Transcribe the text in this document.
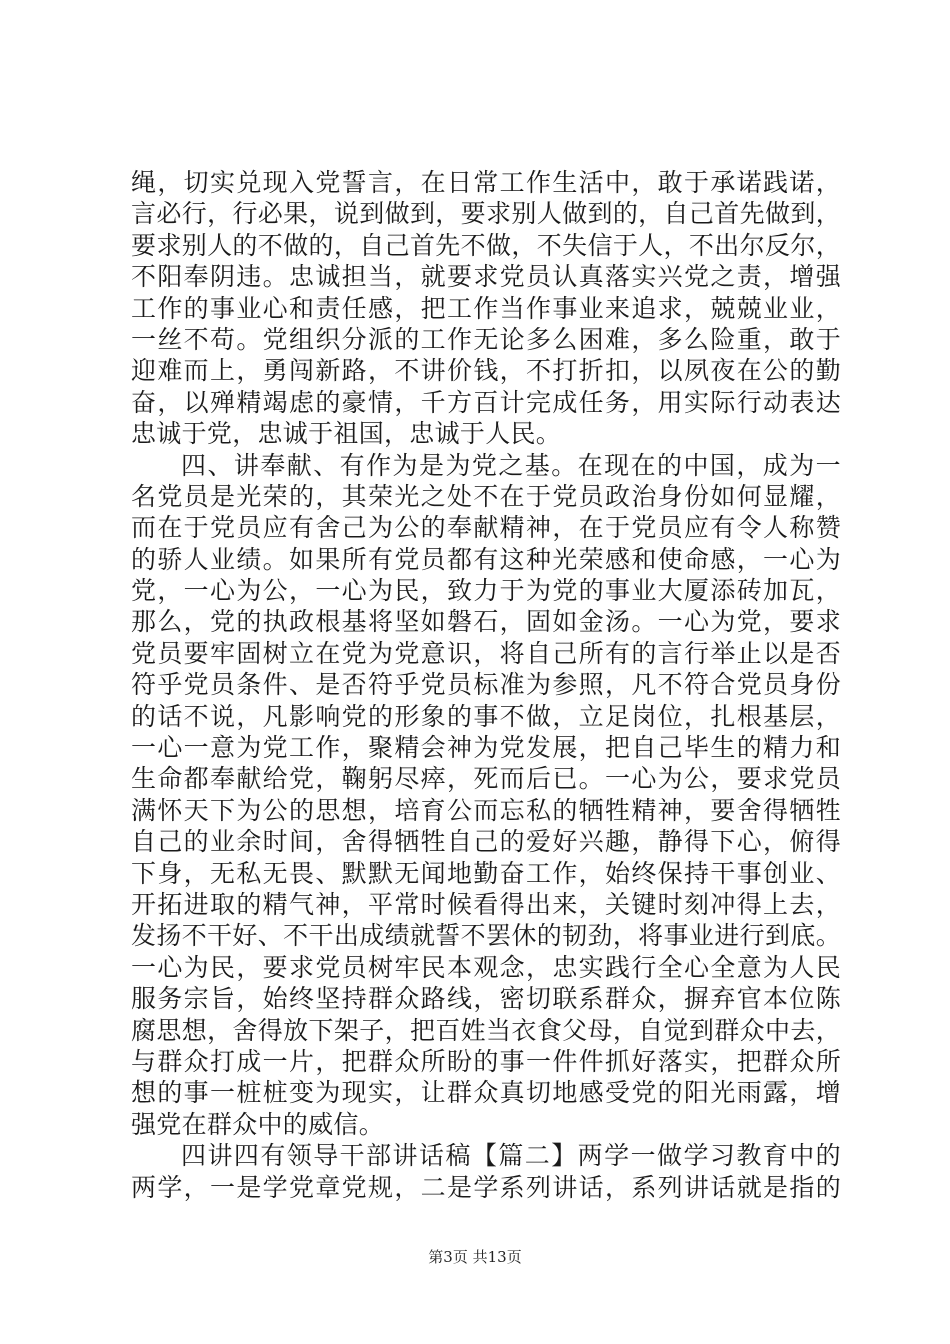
绳，切实兑现入党誓言，在日常工作生活中，敢于承诺践诺，
言必行，行必果，说到做到，要求别人做到的，自己首先做到，
要求别人的不做的，自己首先不做，不失信于人，不出尔反尔，
不阳奉阴违。忠诚担当，就要求党员认真落实兴党之责，增强
工作的事业心和责任感，把工作当作事业来追求，兢兢业业，
一丝不苟。党组织分派的工作无论多么困难，多么险重，敢于
迎难而上，勇闯新路，不讲价钱，不打折扣，以夙夜在公的勤
奋，以殚精竭虑的豪情，千方百计完成任务，用实际行动表达
忠诚于党，忠诚于祖国，忠诚于人民。
四、讲奉献、有作为是为党之基。在现在的中国，成为一
名党员是光荣的，其荣光之处不在于党员政治身份如何显耀，
而在于党员应有舍己为公的奉献精神，在于党员应有令人称赞
的骄人业绩。如果所有党员都有这种光荣感和使命感，一心为
党，一心为公，一心为民，致力于为党的事业大厦添砖加瓦，
那么，党的执政根基将坚如磐石，固如金汤。一心为党，要求
党员要牢固树立在党为党意识，将自己所有的言行举止以是否
符乎党员条件、是否符乎党员标准为参照，凡不符合党员身份
的话不说，凡影响党的形象的事不做，立足岗位，扎根基层，
一心一意为党工作，聚精会神为党发展，把自己毕生的精力和
生命都奉献给党，鞠躬尽瘁，死而后已。一心为公，要求党员
满怀天下为公的思想，培育公而忘私的牺牲精神，要舍得牺牲
自己的业余时间，舍得牺牲自己的爱好兴趣，静得下心，俯得
下身，无私无畏、默默无闻地勤奋工作，始终保持干事创业、
开拓进取的精气神，平常时候看得出来，关键时刻冲得上去，
发扬不干好、不干出成绩就誓不罢休的韧劲，将事业进行到底。
一心为民，要求党员树牢民本观念，忠实践行全心全意为人民
服务宗旨，始终坚持群众路线，密切联系群众，摒弃官本位陈
腐思想，舍得放下架子，把百姓当衣食父母，自觉到群众中去，
与群众打成一片，把群众所盼的事一件件抓好落实，把群众所
想的事一桩桩变为现实，让群众真切地感受党的阳光雨露，增
强党在群众中的威信。
四讲四有领导干部讲话稿【篇二】两学一做学习教育中的
两学，一是学党章党规，二是学系列讲话，系列讲话就是指的
第3页 共13页
